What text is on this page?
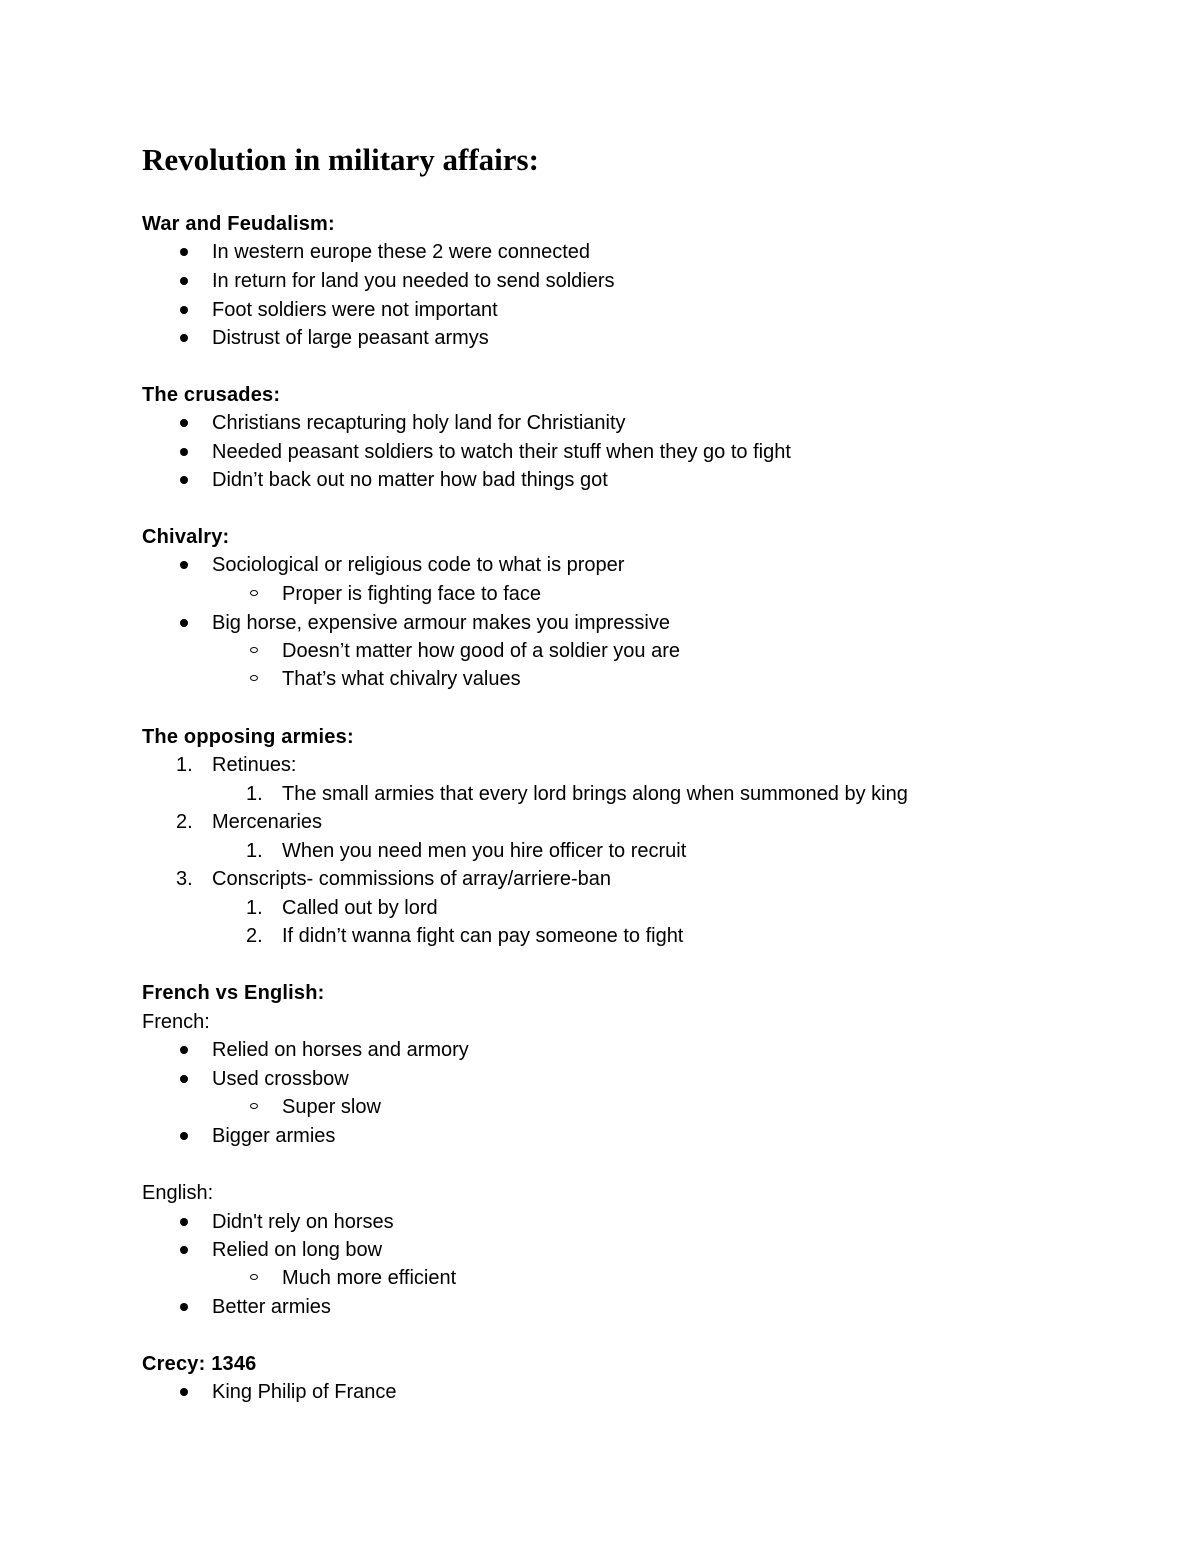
Revolution in military affairs:
War and Feudalism:
In western europe these 2 were connected
In return for land you needed to send soldiers
Foot soldiers were not important
Distrust of large peasant armys
The crusades:
Christians recapturing holy land for Christianity
Needed peasant soldiers to watch their stuff when they go to fight
Didn’t back out no matter how bad things got
Chivalry:
Sociological or religious code to what is proper
Proper is fighting face to face
Big horse, expensive armour makes you impressive
Doesn’t matter how good of a soldier you are
That’s what chivalry values
The opposing armies:
1. Retinues:
1. The small armies that every lord brings along when summoned by king
2. Mercenaries
1. When you need men you hire officer to recruit
3. Conscripts- commissions of array/arriere-ban
1. Called out by lord
2. If didn’t wanna fight can pay someone to fight
French vs English:
French:
Relied on horses and armory
Used crossbow
Super slow
Bigger armies
English:
Didn't rely on horses
Relied on long bow
Much more efficient
Better armies
Crecy: 1346
King Philip of France
